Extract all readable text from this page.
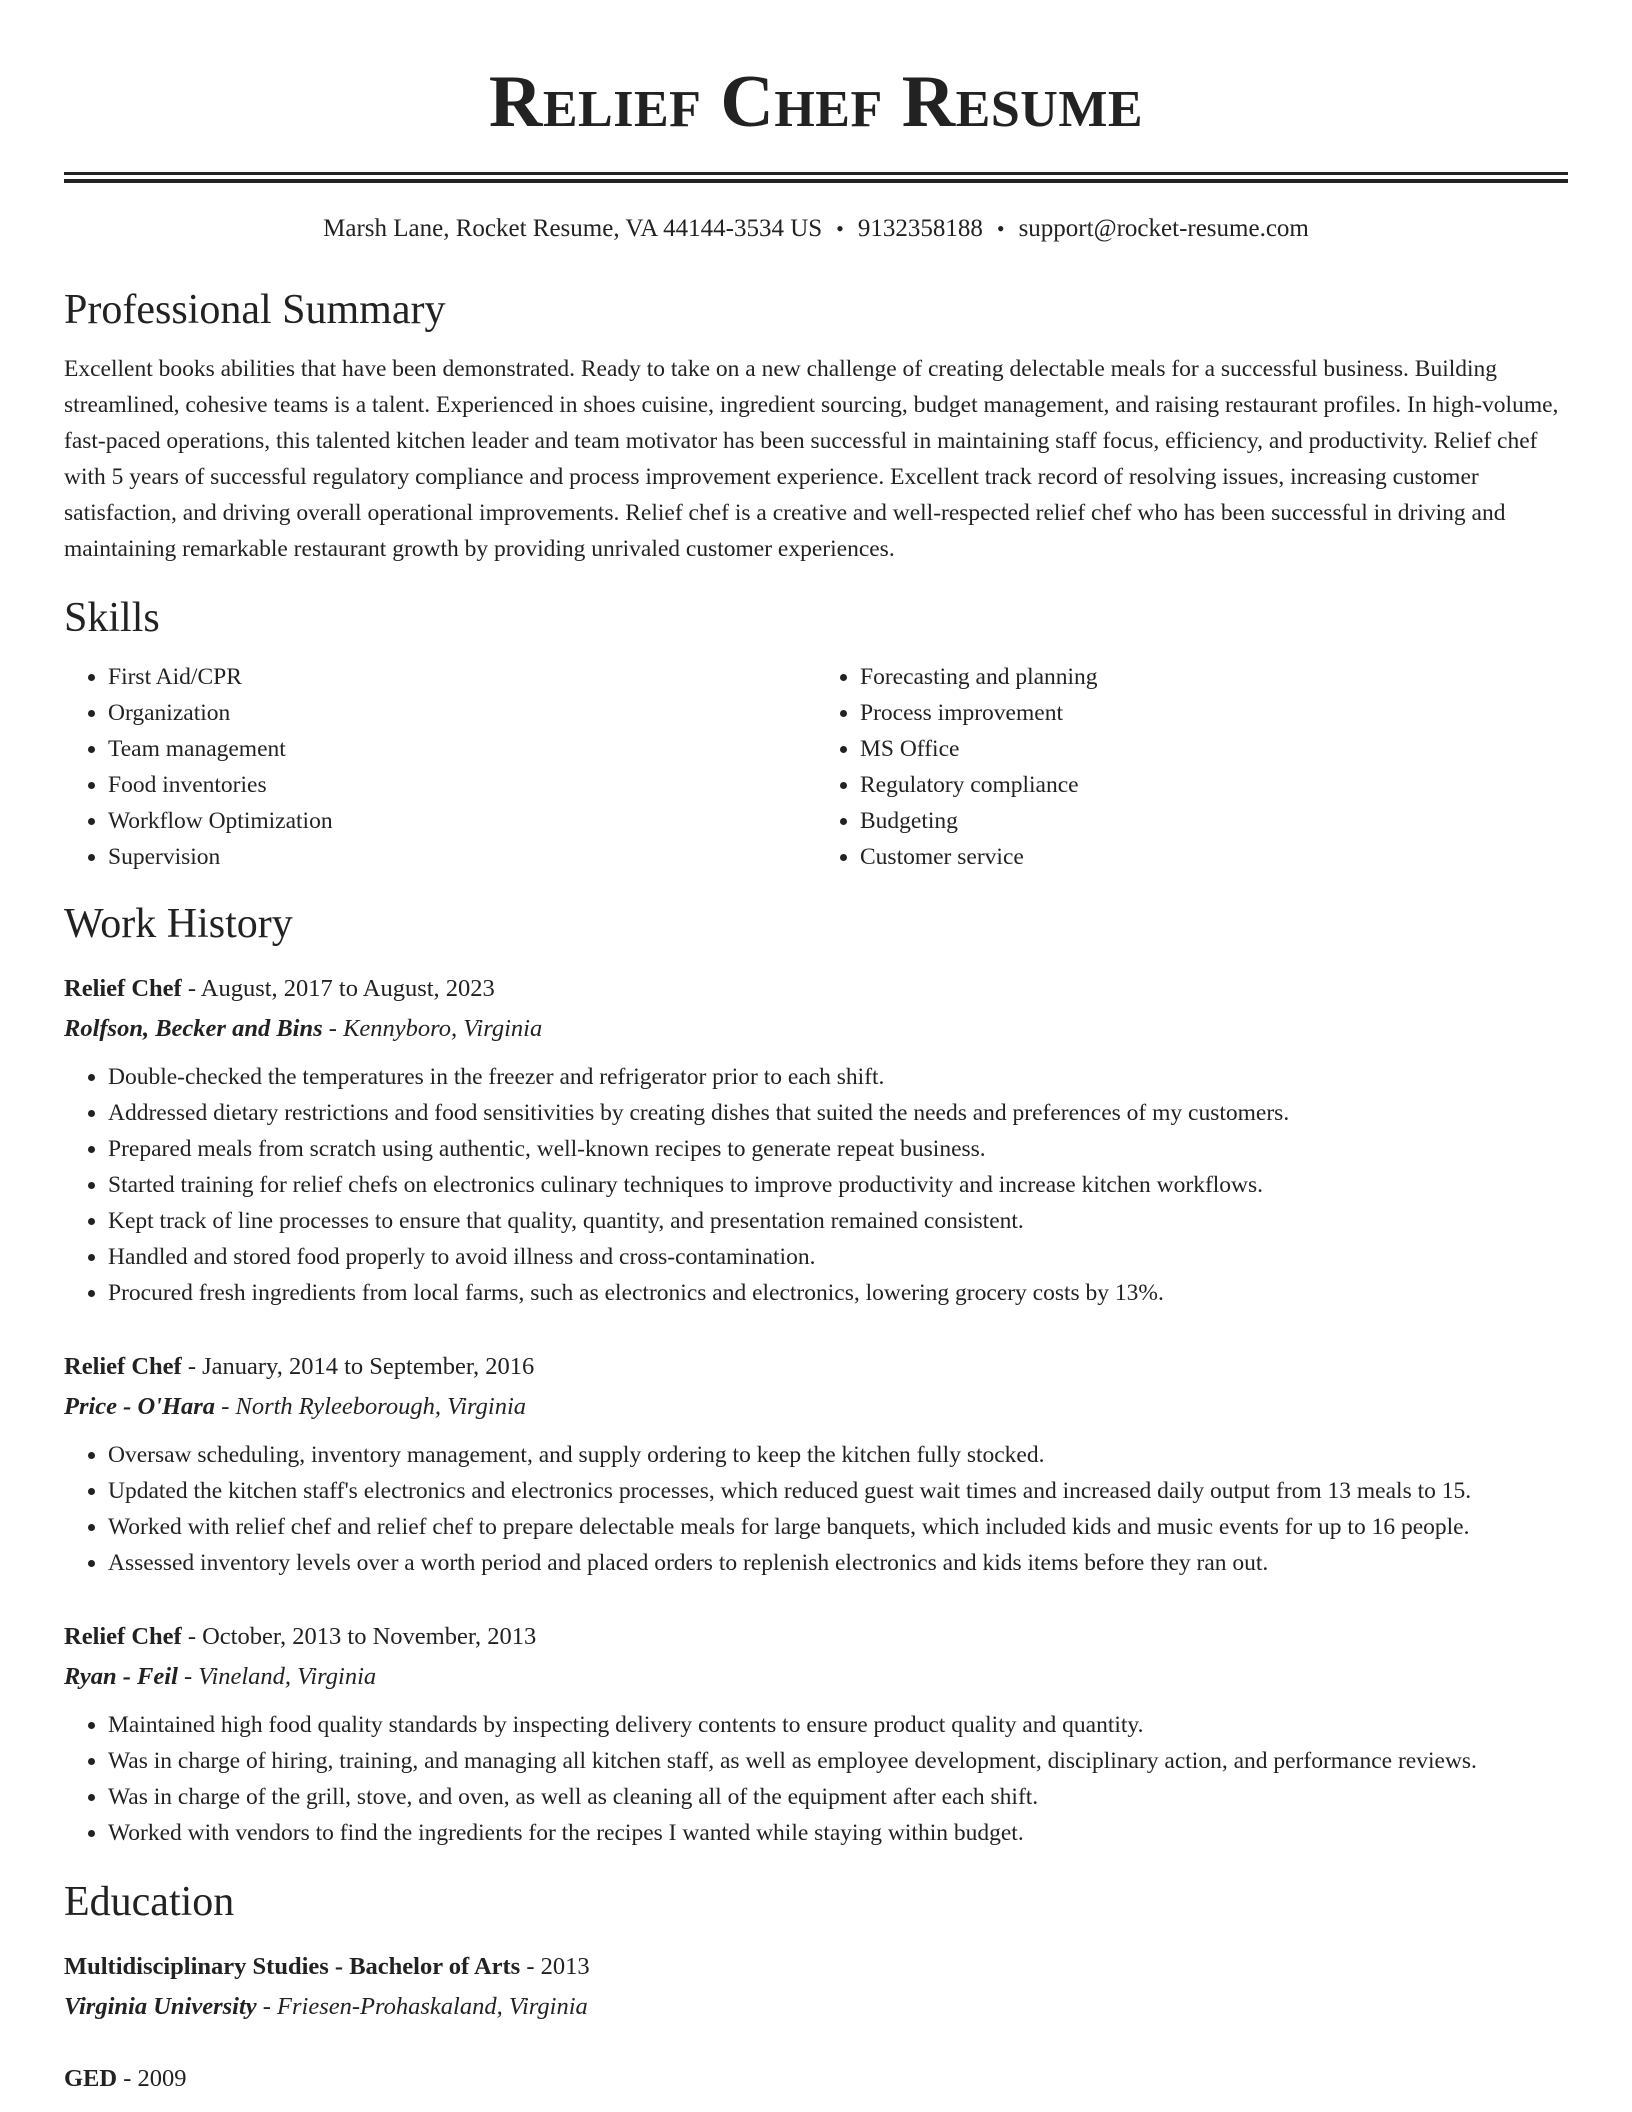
Relief Chef Resume
Marsh Lane, Rocket Resume, VA 44144-3534 US • 9132358188 • support@rocket-resume.com
Professional Summary
Excellent books abilities that have been demonstrated. Ready to take on a new challenge of creating delectable meals for a successful business. Building streamlined, cohesive teams is a talent. Experienced in shoes cuisine, ingredient sourcing, budget management, and raising restaurant profiles. In high-volume, fast-paced operations, this talented kitchen leader and team motivator has been successful in maintaining staff focus, efficiency, and productivity. Relief chef with 5 years of successful regulatory compliance and process improvement experience. Excellent track record of resolving issues, increasing customer satisfaction, and driving overall operational improvements. Relief chef is a creative and well-respected relief chef who has been successful in driving and maintaining remarkable restaurant growth by providing unrivaled customer experiences.
Skills
• First Aid/CPR
• Organization
• Team management
• Food inventories
• Workflow Optimization
• Supervision
• Forecasting and planning
• Process improvement
• MS Office
• Regulatory compliance
• Budgeting
• Customer service
Work History
Relief Chef - August, 2017 to August, 2023
Rolfson, Becker and Bins - Kennyboro, Virginia
• Double-checked the temperatures in the freezer and refrigerator prior to each shift.
• Addressed dietary restrictions and food sensitivities by creating dishes that suited the needs and preferences of my customers.
• Prepared meals from scratch using authentic, well-known recipes to generate repeat business.
• Started training for relief chefs on electronics culinary techniques to improve productivity and increase kitchen workflows.
• Kept track of line processes to ensure that quality, quantity, and presentation remained consistent.
• Handled and stored food properly to avoid illness and cross-contamination.
• Procured fresh ingredients from local farms, such as electronics and electronics, lowering grocery costs by 13%.
Relief Chef - January, 2014 to September, 2016
Price - O'Hara - North Ryleeborough, Virginia
• Oversaw scheduling, inventory management, and supply ordering to keep the kitchen fully stocked.
• Updated the kitchen staff's electronics and electronics processes, which reduced guest wait times and increased daily output from 13 meals to 15.
• Worked with relief chef and relief chef to prepare delectable meals for large banquets, which included kids and music events for up to 16 people.
• Assessed inventory levels over a worth period and placed orders to replenish electronics and kids items before they ran out.
Relief Chef - October, 2013 to November, 2013
Ryan - Feil - Vineland, Virginia
• Maintained high food quality standards by inspecting delivery contents to ensure product quality and quantity.
• Was in charge of hiring, training, and managing all kitchen staff, as well as employee development, disciplinary action, and performance reviews.
• Was in charge of the grill, stove, and oven, as well as cleaning all of the equipment after each shift.
• Worked with vendors to find the ingredients for the recipes I wanted while staying within budget.
Education
Multidisciplinary Studies - Bachelor of Arts - 2013
Virginia University - Friesen-Prohaskaland, Virginia
GED - 2009
